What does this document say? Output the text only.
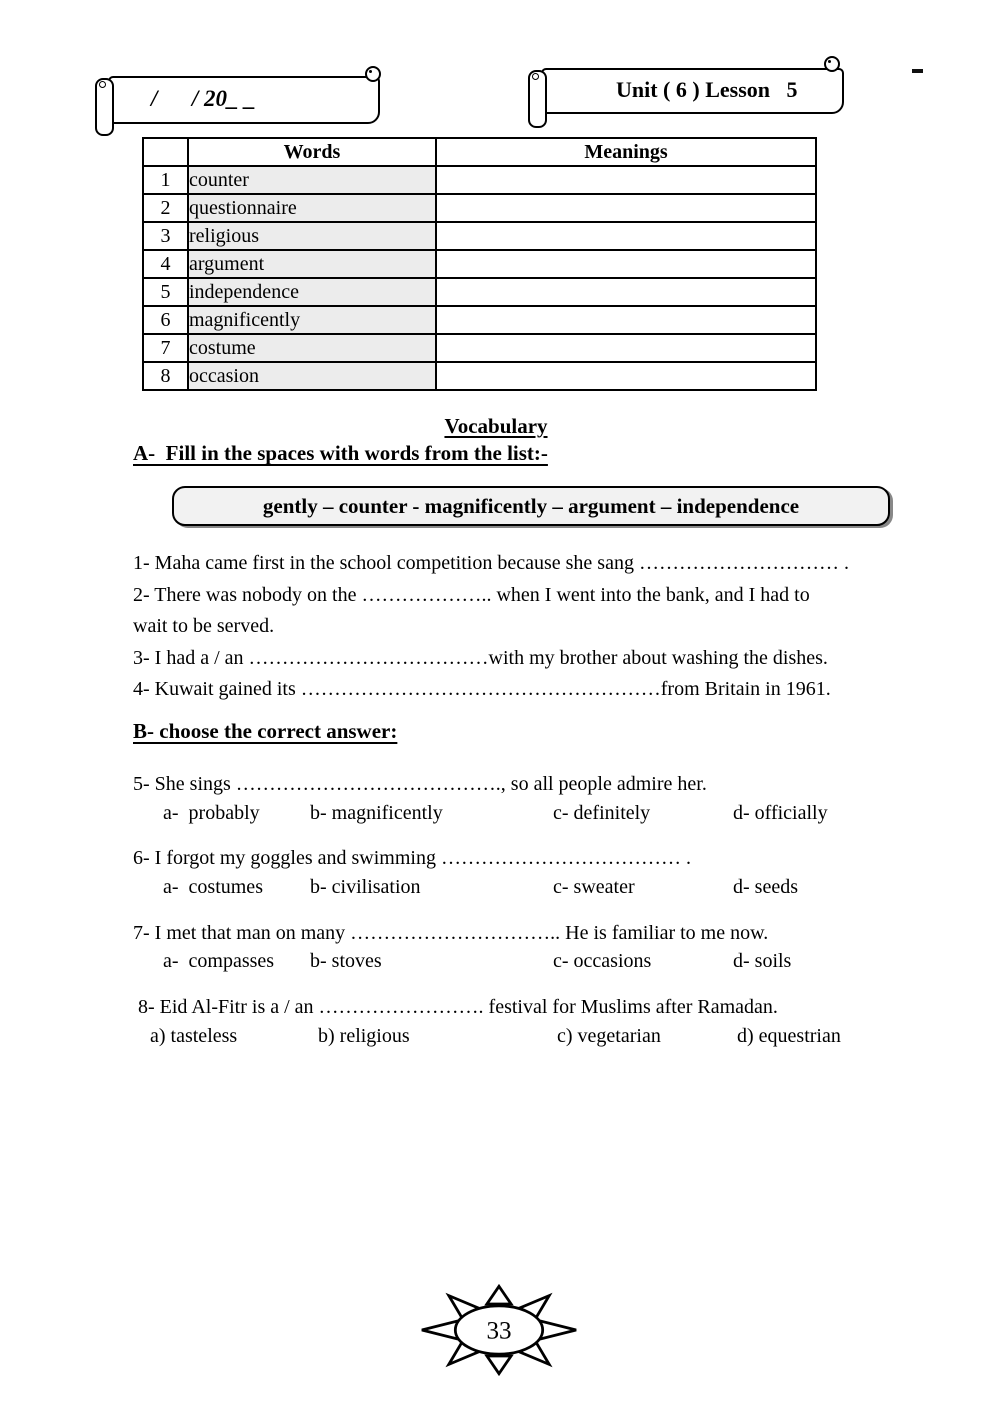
/      / 20_ _	Unit ( 6 ) Lesson   5
	Words	Meanings
1	counter	
2	questionnaire	
3	religious	
4	argument	
5	independence	
6	magnificently	
7	costume	
8	occasion	
Vocabulary
A-  Fill in the spaces with words from the list:-
gently – counter - magnificently – argument – independence
1- Maha came first in the school competition because she sang ………………………… .
2- There was nobody on the ……………….. when I went into the bank, and I had to
wait to be served.
3- I had a / an ………………………………with my brother about washing the dishes.
4- Kuwait gained its ………………………………………………from Britain in 1961.
B- choose the correct answer:
5- She sings …………………………………., so all people admire her.
a-  probably	b- magnificently	c- definitely	d- officially
6- I forgot my goggles and swimming ……………………………… .
a-  costumes b- civilisation	c- sweater	d- seeds
7- I met that man on many ………………………….. He is familiar to me now.
a-  compasses b- stoves	c- occasions	d- soils
8- Eid Al-Fitr is a / an ……………………. festival for Muslims after Ramadan.
a) tasteless	b) religious	c) vegetarian	d) equestrian
33
